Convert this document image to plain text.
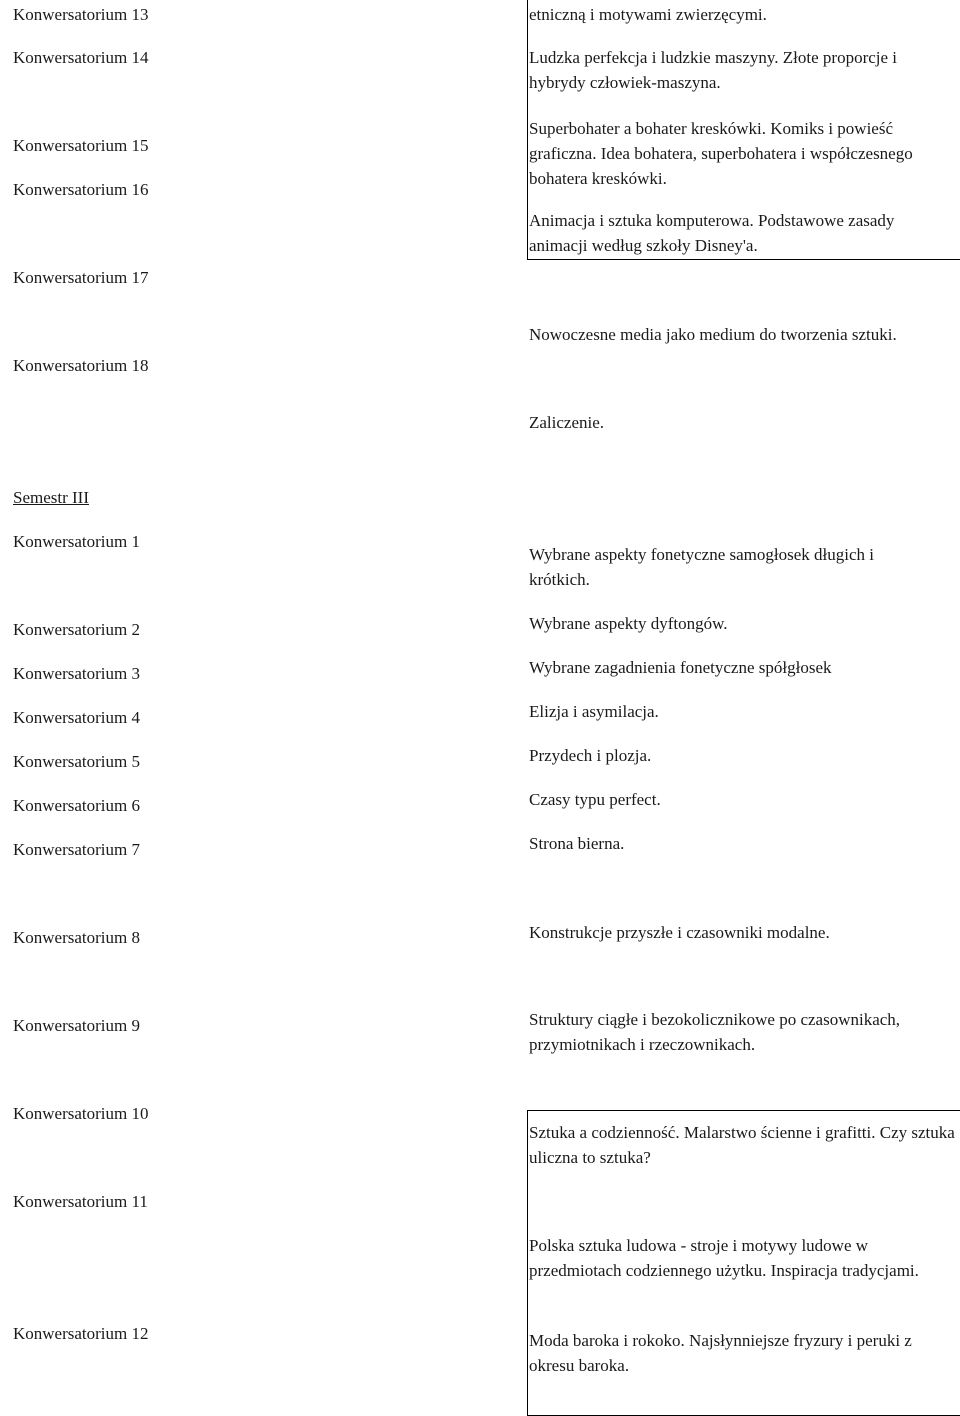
Konwersatorium 13
Konwersatorium 14
Konwersatorium 15
Konwersatorium 16
Konwersatorium 17
Konwersatorium 18
etniczną i motywami zwierzęcymi.
Ludzka perfekcja i ludzkie maszyny. Złote proporcje i hybrydy człowiek-maszyna.
Superbohater a bohater kreskówki. Komiks i powieść graficzna. Idea bohatera, superbohatera i współczesnego bohatera kreskówki.
Animacja i sztuka komputerowa. Podstawowe zasady animacji według szkoły Disney'a.
Nowoczesne media jako medium do tworzenia sztuki.
Zaliczenie.
Semestr III
Konwersatorium 1
Konwersatorium 2
Konwersatorium 3
Konwersatorium 4
Konwersatorium 5
Konwersatorium 6
Konwersatorium 7
Konwersatorium 8
Konwersatorium 9
Konwersatorium 10
Konwersatorium 11
Konwersatorium 12
Wybrane aspekty fonetyczne samogłosek długich i krótkich.
Wybrane aspekty dyftongów.
Wybrane zagadnienia fonetyczne spółgłosek
Elizja i asymilacja.
Przydech i plozja.
Czasy typu perfect.
Strona bierna.
Konstrukcje przyszłe i czasowniki modalne.
Struktury ciągłe i bezokolicznikowe po czasownikach, przymiotnikach i rzeczownikach.
Sztuka a codzienność. Malarstwo ścienne i grafitti. Czy sztuka uliczna to sztuka?
Polska sztuka ludowa - stroje i motywy ludowe w przedmiotach codziennego użytku. Inspiracja tradycjami.
Moda baroka i rokoko. Najsłynniejsze fryzury i peruki z okresu baroka.
